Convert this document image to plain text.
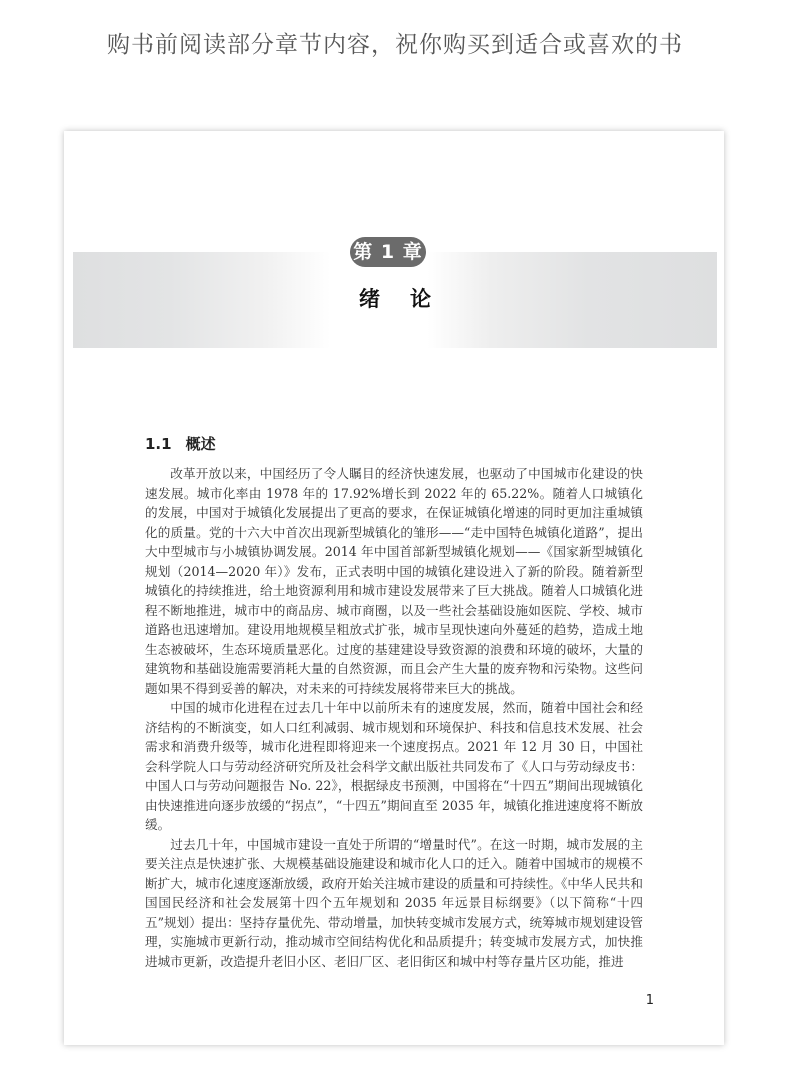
购书前阅读部分章节内容，祝你购买到适合或喜欢的书
第 1 章
绪论
1.1 概述

改革开放以来，中国经历了令人瞩目的经济快速发展，也驱动了中国城市化建设的快速发展。城市化率由 1978 年的 17.92%增长到 2022 年的 65.22%。随着人口城镇化的发展，中国对于城镇化发展提出了更高的要求，在保证城镇化增速的同时更加注重城镇化的质量。党的十六大中首次出现新型城镇化的雏形——“走中国特色城镇化道路”，提出大中型城市与小城镇协调发展。2014 年中国首部新型城镇化规划——《国家新型城镇化规划（2014—2020 年）》发布，正式表明中国的城镇化建设进入了新的阶段。随着新型城镇化的持续推进，给土地资源利用和城市建设发展带来了巨大挑战。随着人口城镇化进程不断地推进，城市中的商品房、城市商圈，以及一些社会基础设施如医院、学校、城市道路也迅速增加。建设用地规模呈粗放式扩张，城市呈现快速向外蔓延的趋势，造成土地生态被破坏，生态环境质量恶化。过度的基建建设导致资源的浪费和环境的破坏，大量的建筑物和基础设施需要消耗大量的自然资源，而且会产生大量的废弃物和污染物。这些问题如果不得到妥善的解决，对未来的可持续发展将带来巨大的挑战。

中国的城市化进程在过去几十年中以前所未有的速度发展，然而，随着中国社会和经济结构的不断演变，如人口红利减弱、城市规划和环境保护、科技和信息技术发展、社会需求和消费升级等，城市化进程即将迎来一个速度拐点。2021 年 12 月 30 日，中国社会科学院人口与劳动经济研究所及社会科学文献出版社共同发布了《人口与劳动绿皮书：中国人口与劳动问题报告 No. 22》，根据绿皮书预测，中国将在“十四五”期间出现城镇化由快速推进向逐步放缓的“拐点”，“十四五”期间直至 2035 年，城镇化推进速度将不断放缓。

过去几十年，中国城市建设一直处于所谓的“增量时代”。在这一时期，城市发展的主要关注点是快速扩张、大规模基础设施建设和城市化人口的迁入。随着中国城市的规模不断扩大，城市化速度逐渐放缓，政府开始关注城市建设的质量和可持续性。《中华人民共和国国民经济和社会发展第十四个五年规划和 2035 年远景目标纲要》（以下简称“十四五”规划）提出：坚持存量优先、带动增量，加快转变城市发展方式，统筹城市规划建设管理，实施城市更新行动，推动城市空间结构优化和品质提升；转变城市发展方式，加快推进城市更新，改造提升老旧小区、老旧厂区、老旧街区和城中村等存量片区功能，推进

1
